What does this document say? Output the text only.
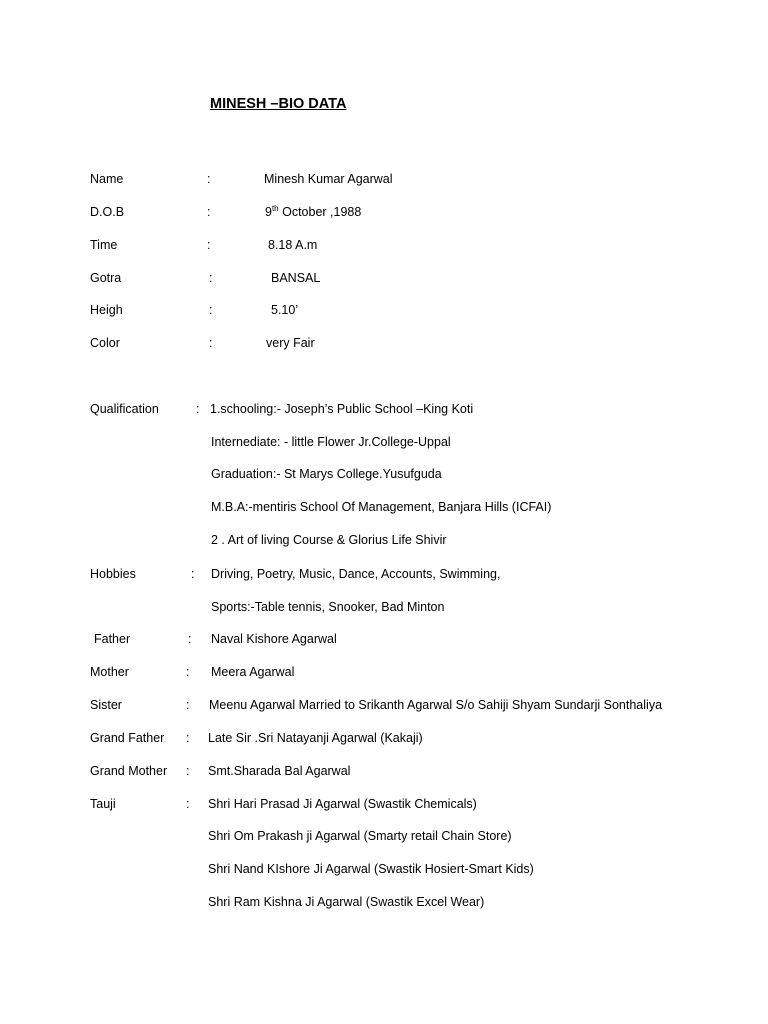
MINESH –BIO DATA
Name	:	Minesh Kumar Agarwal
D.O.B	:	9th October ,1988
Time	:	8.18 A.m
Gotra	:	BANSAL
Heigh	:	5.10’
Color	:	very Fair
Qualification	: 1.schooling:- Joseph’s Public School –King Koti
Internediate: - little Flower Jr.College-Uppal
Graduation:- St Marys College.Yusufguda
M.B.A:-mentiris School Of Management, Banjara Hills (ICFAI)
2 . Art of living Course & Glorius Life Shivir
Hobbies	: Driving, Poetry, Music, Dance, Accounts, Swimming,
Sports:-Table tennis, Snooker, Bad Minton
Father	: Naval Kishore Agarwal
Mother	: Meera Agarwal
Sister	: Meenu Agarwal Married to Srikanth Agarwal S/o Sahiji Shyam Sundarji Sonthaliya
Grand Father : Late Sir .Sri Natayanji Agarwal (Kakaji)
Grand Mother : Smt.Sharada Bal Agarwal
Tauji	: Shri Hari Prasad Ji Agarwal (Swastik Chemicals)
Shri Om Prakash ji Agarwal (Smarty retail Chain Store)
Shri Nand KIshore Ji Agarwal (Swastik Hosiert-Smart Kids)
Shri Ram Kishna Ji Agarwal (Swastik Excel Wear)
